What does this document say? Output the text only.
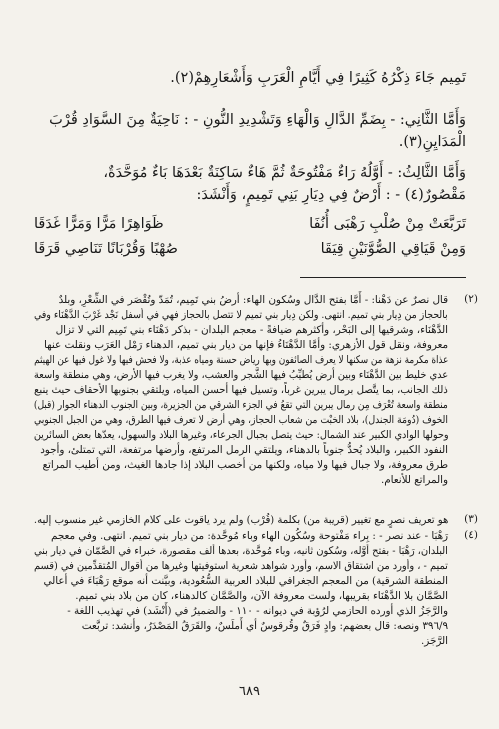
تَمِيم جَاءَ ذِكْرُهُ كَثِيرًا فِي أَيَّامِ الْعَرَبِ وَأَشْعَارِهِمْ(٢).
وَأَمَّا الثَّانِي: - بِضَمِّ الدَّالِ وَالْهَاءِ وَتَشْدِيدِ النُّونِ - : نَاحِيَةٌ مِنَ السَّوَادِ قُرْبَ
الْمَدَايِنِ(٣).
وَأَمَّا الثَّالِثُ: - أَوَّلُهُ رَاءٌ مَفْتُوحَةٌ ثُمَّ هَاءٌ سَاكِنَةٌ بَعْدَهَا بَاءٌ مُوَحَّدَةٌ،
مَقْصُورٌ(٤) - : أَرْضٌ فِي دِيَارِ بَنِي تَمِيمٍ، وَأَنْشَدَ:
تَرَبَّعَتْ مِنْ صُلْبِ رَهْبَى أُنُفَا
ظَوَاهِرًا مَرًّا وَمَرًّا غَدَقَا
وَمِنْ قَيَاقِي الصُّوَّنَيْنِ قِيَقَا
صُهْبًا وَقُرْبَانًا تَنَاصِي قَرَقَا
(٢)
قال نصرٌ عن دَهْنا: - أَمَّا بفتح الدَّال وسُكون الهاء: أرضُ بني تَمِيم، تُمَدّ وتُقْصَر في الشِّعْرِ، وبلدٌ
بالحجاز من دِيار بني تميم. انتهى. ولكن دِيار بني تميم لا تتصل بالحجاز فهي في أسفل نَجْد غَرْبَ الدَّهْنَاء وفي
الدَّهْنَاء، وشرقيها إلى البَحْر، وأكثرهم ضيافةً - معجم البلدان - بذكر دَهْنَاء بني تَمِيم التي لا تزال
معروفة، ونقل قول الأزهري: وأمَّا الدَّهْنَاءُ فإنها من ديار بني تميم، الدهناء رَمْل العَرَب ونقلت عنها
عذاة مكرمة نزهة من سكنها لا يعرف الصائفون وبها رياض حسنة ومياه عذبة، ولا فحش فيها ولا غول فيها عن الهيثم
عدي خليط بين الدَّهْنَاء وبين أرض يُطيِّبُ فيها الشَّجر والعشب، ولا يغرب فيها الأرض، وهي منطقة واسعة
ذلك الجانب، بما يتَّصل برمال يبرين غرباً، وتسيل فيها أحسن المياه، ويلتقي بجنوبها الأحقاف حيث ينبع
منطقة واسعة تُعْرَف مِن رمال يبرين التي تقعُ في الجزء الشرقي من الجزيرة، وبين الجنوب الدهناء الجوار (قبل)
الخوف (دُومَة الجندل)، بلاد الخبْت من شعاب الحجاز، وهي أرض لا تعرف فيها الطرق، وهي من الجبل الجنوبي
وحولها الوادي الكبير عند الشمال: حيث يتصل بجبال الجرعاء، وغيرها البلاد والسهول، يعدّها بعض السائرين
النفود الكبير، والبلاد يُحدُّ جنوباً بالدهناء، ويلتقي الرمل المرتفع، وأرضها مرتفعة، التي تمتلئ، وأجود
طرق معروفة، ولا جبال فيها ولا مياه، ولكنها من أخصب البلاد إذا جادها الغيث، ومن أطيب المراتع
والمراتع للأنعام.
(٣)
هو تعريف نصرٍ مع تغيير (قريبة من) بكلمة (قُرْب) ولم يرد ياقوت على كلام الخازمي غير منسوب إليه.
(٤)
رَهْبَا - عند نصر - : بِراء مَفْتوحة وسُكُون الهاء وباء مُوحَّدة: من ديار بني تميم. انتهى. وفي معجم
البلدان، رَهْبَا - بفتح أوَّله، وسُكون ثانيه، وباء مُوحَّدة، بعدها ألف مقصورة، خبراء في الصَّمّان في ديار بني
تميم - ، وأورد من اشتقاق الاسم، وأورد شواهد شعرية استوفيتها وغيرها من أقوال المُتقدِّمين في (قسم
المنطقة الشرقية) من المعجم الجغرافي للبلاد العربية السُّعُودية، وبيَّنت أنه موقع رَهْبَاءَ في أعالي
الصَّمَّان بلا الدَّهْنَاء بقريبها، ولست معروفة الآن، والصَّمَّان كالدهناء، كان من بلاد بني تميم.
والرَّجَزُ الذي أورده الحازمي لرُؤبة في ديوانه - ١١٠ - والضميرُ في (أَنْشَد) في تهذيب اللغة -
٣٩٦/٩ ونصه: قال بعضهم: وادٍ فَرَقٌ وقُرقوسٌ أي أَملَسٌ، والقَرَقُ المَصْدَرُ، وأنشد: تربَّعت
الرَّجَز.
٦٨٩
